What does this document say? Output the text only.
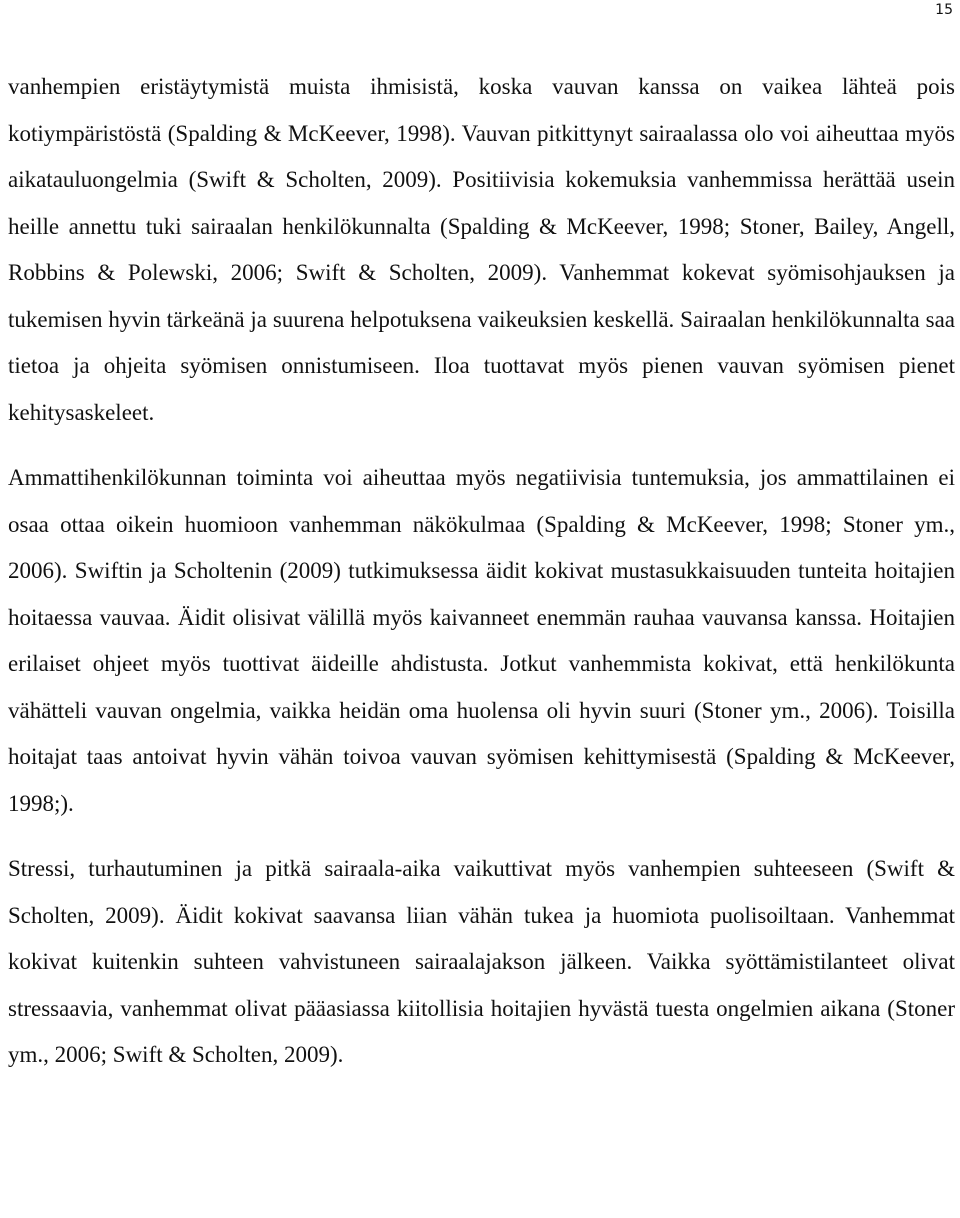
15

vanhempien eristäytymistä muista ihmisistä, koska vauvan kanssa on vaikea lähteä pois kotiympäristöstä (Spalding & McKeever, 1998). Vauvan pitkittynyt sairaalassa olo voi aiheuttaa myös aikatauluongelmia (Swift & Scholten, 2009). Positiivisia kokemuksia vanhemmissa herättää usein heille annettu tuki sairaalan henkilökunnalta (Spalding & McKeever, 1998; Stoner, Bailey, Angell, Robbins & Polewski, 2006; Swift & Scholten, 2009). Vanhemmat kokevat syömisohjauksen ja tukemisen hyvin tärkeänä ja suurena helpotuksena vaikeuksien keskellä. Sairaalan henkilökunnalta saa tietoa ja ohjeita syömisen onnistumiseen. Iloa tuottavat myös pienen vauvan syömisen pienet kehitysaskeleet.

Ammattihenkilökunnan toiminta voi aiheuttaa myös negatiivisia tuntemuksia, jos ammattilainen ei osaa ottaa oikein huomioon vanhemman näkökulmaa (Spalding & McKeever, 1998; Stoner ym., 2006). Swiftin ja Scholtenin (2009) tutkimuksessa äidit kokivat mustasukkaisuuden tunteita hoitajien hoitaessa vauvaa. Äidit olisivat välillä myös kaivanneet enemmän rauhaa vauvansa kanssa. Hoitajien erilaiset ohjeet myös tuottivat äideille ahdistusta. Jotkut vanhemmista kokivat, että henkilökunta vähätteli vauvan ongelmia, vaikka heidän oma huolensa oli hyvin suuri (Stoner ym., 2006). Toisilla hoitajat taas antoivat hyvin vähän toivoa vauvan syömisen kehittymisestä (Spalding & McKeever, 1998;).

Stressi, turhautuminen ja pitkä sairaala-aika vaikuttivat myös vanhempien suhteeseen (Swift & Scholten, 2009). Äidit kokivat saavansa liian vähän tukea ja huomiota puolisoiltaan. Vanhemmat kokivat kuitenkin suhteen vahvistuneen sairaalajakson jälkeen. Vaikka syöttämistilanteet olivat stressaavia, vanhemmat olivat pääasiassa kiitollisia hoitajien hyvästä tuesta ongelmien aikana (Stoner ym., 2006; Swift & Scholten, 2009).
